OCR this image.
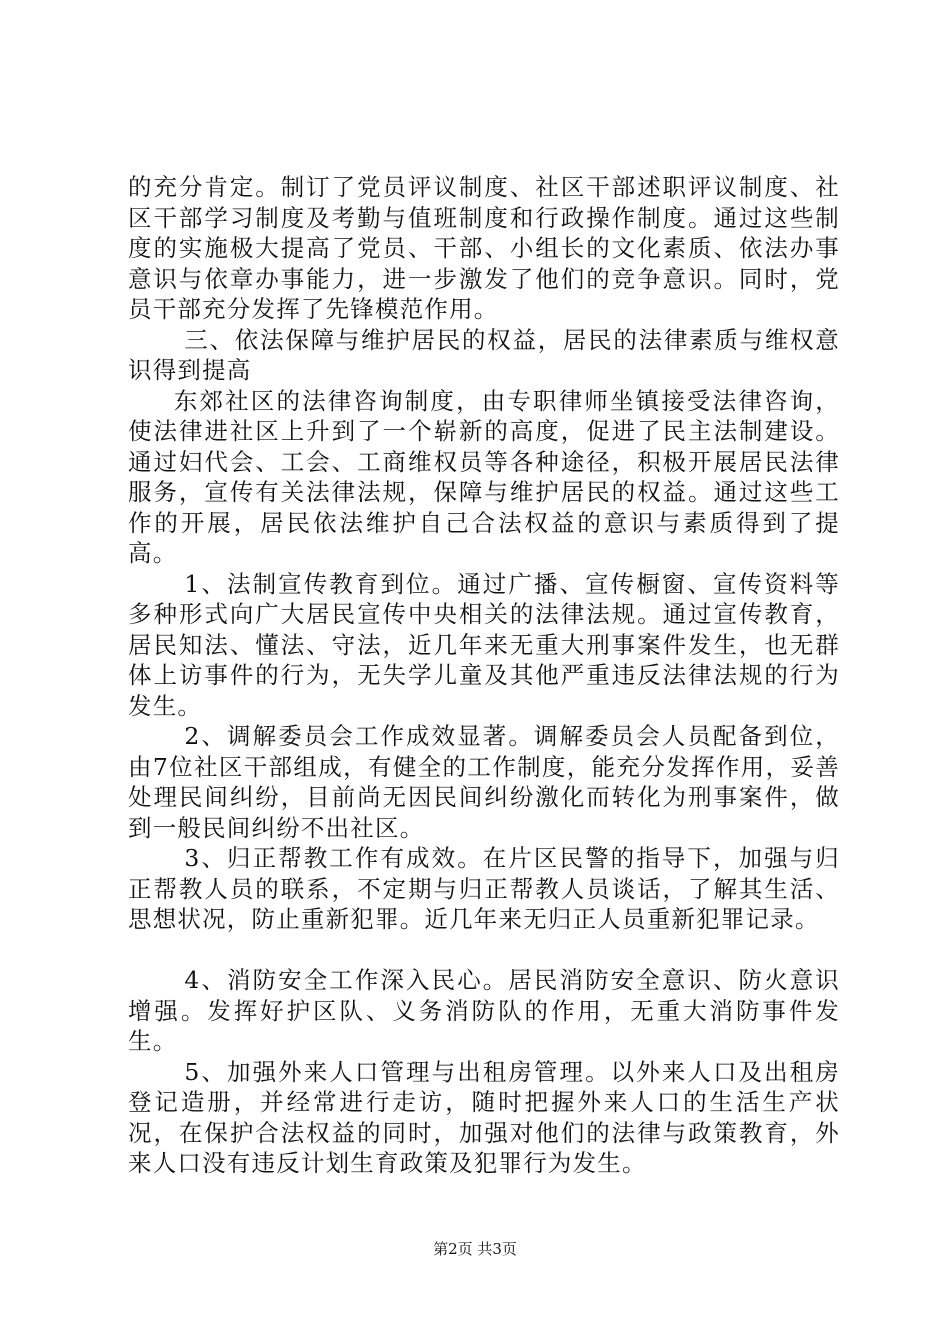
的充分肯定。制订了党员评议制度、社区干部述职评议制度、社区干部学习制度及考勤与值班制度和行政操作制度。通过这些制度的实施极大提高了党员、干部、小组长的文化素质、依法办事意识与依章办事能力，进一步激发了他们的竞争意识。同时，党员干部充分发挥了先锋模范作用。

三、依法保障与维护居民的权益，居民的法律素质与维权意识得到提高

东郊社区的法律咨询制度，由专职律师坐镇接受法律咨询，使法律进社区上升到了一个崭新的高度，促进了民主法制建设。通过妇代会、工会、工商维权员等各种途径，积极开展居民法律服务，宣传有关法律法规，保障与维护居民的权益。通过这些工作的开展，居民依法维护自己合法权益的意识与素质得到了提高。

1、法制宣传教育到位。通过广播、宣传橱窗、宣传资料等多种形式向广大居民宣传中央相关的法律法规。通过宣传教育，居民知法、懂法、守法，近几年来无重大刑事案件发生，也无群体上访事件的行为，无失学儿童及其他严重违反法律法规的行为发生。

2、调解委员会工作成效显著。调解委员会人员配备到位，由7位社区干部组成，有健全的工作制度，能充分发挥作用，妥善处理民间纠纷，目前尚无因民间纠纷激化而转化为刑事案件，做到一般民间纠纷不出社区。

3、归正帮教工作有成效。在片区民警的指导下，加强与归正帮教人员的联系，不定期与归正帮教人员谈话，了解其生活、思想状况，防止重新犯罪。近几年来无归正人员重新犯罪记录。

4、消防安全工作深入民心。居民消防安全意识、防火意识增强。发挥好护区队、义务消防队的作用，无重大消防事件发生。

5、加强外来人口管理与出租房管理。以外来人口及出租房登记造册，并经常进行走访，随时把握外来人口的生活生产状况，在保护合法权益的同时，加强对他们的法律与政策教育，外来人口没有违反计划生育政策及犯罪行为发生。

第2页 共3页
